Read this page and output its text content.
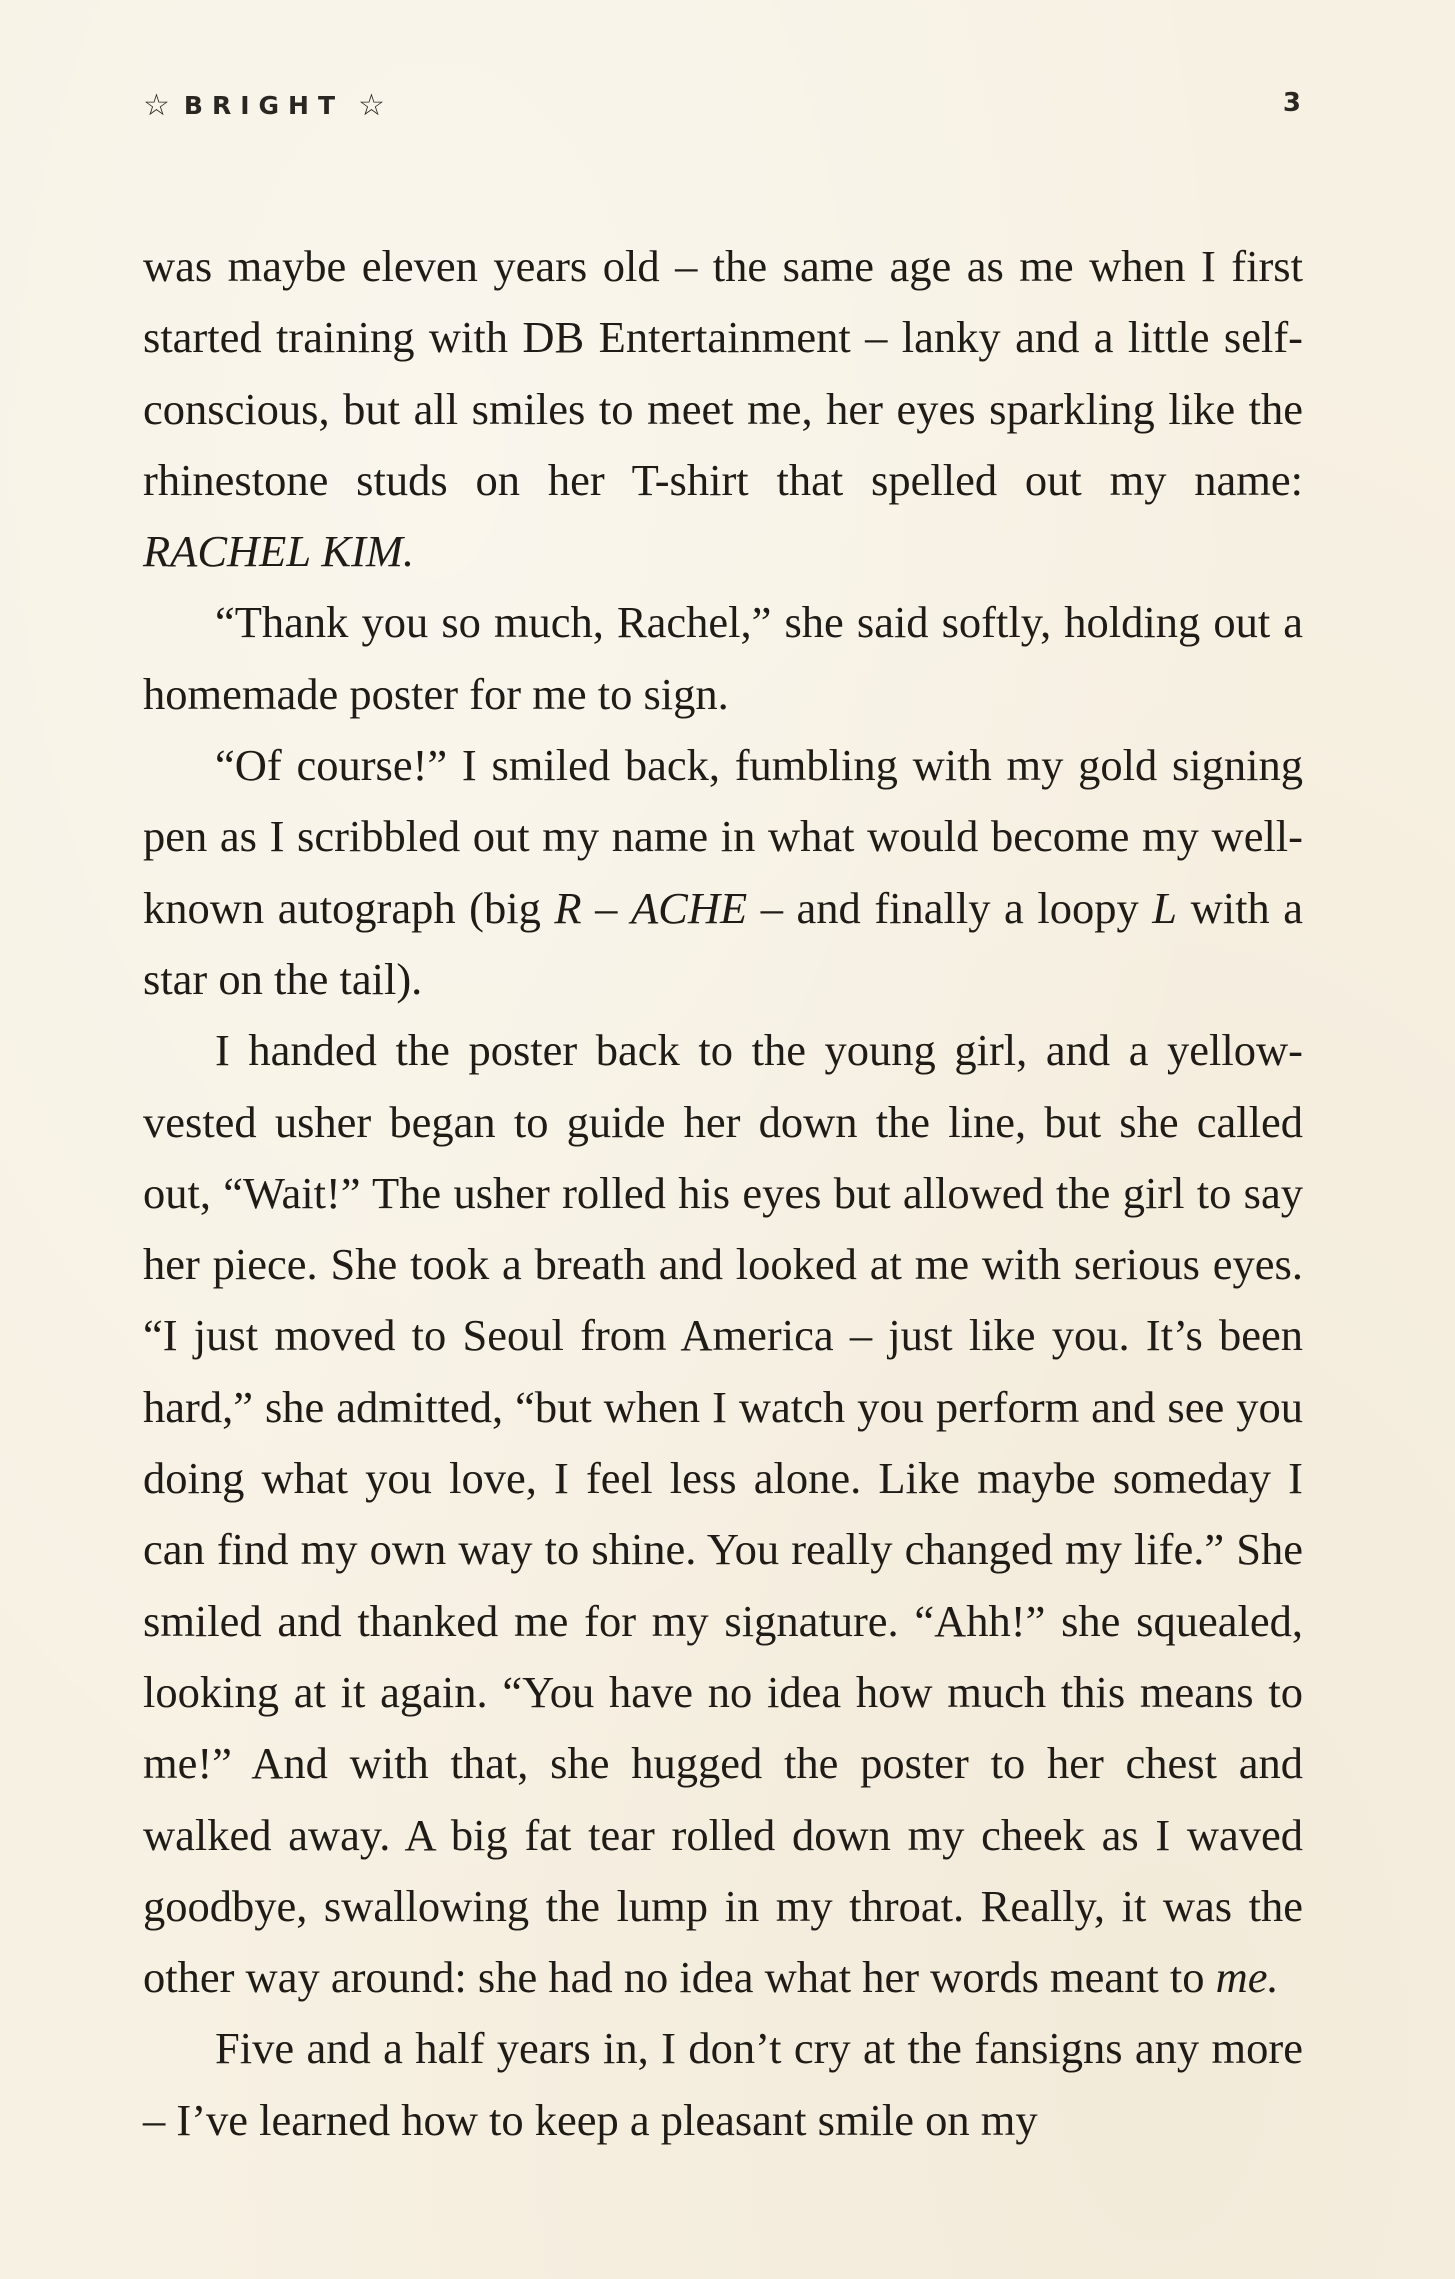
☆ BRIGHT ☆	3

was maybe eleven years old – the same age as me when I first started training with DB Entertainment – lanky and a little self-conscious, but all smiles to meet me, her eyes sparkling like the rhinestone studs on her T-shirt that spelled out my name: RACHEL KIM.

“Thank you so much, Rachel,” she said softly, holding out a homemade poster for me to sign.

“Of course!” I smiled back, fumbling with my gold signing pen as I scribbled out my name in what would become my well-known autograph (big R – ACHE – and finally a loopy L with a star on the tail).

I handed the poster back to the young girl, and a yellow-vested usher began to guide her down the line, but she called out, “Wait!” The usher rolled his eyes but allowed the girl to say her piece. She took a breath and looked at me with serious eyes. “I just moved to Seoul from America – just like you. It’s been hard,” she admitted, “but when I watch you perform and see you doing what you love, I feel less alone. Like maybe someday I can find my own way to shine. You really changed my life.” She smiled and thanked me for my signature. “Ahh!” she squealed, looking at it again. “You have no idea how much this means to me!” And with that, she hugged the poster to her chest and walked away. A big fat tear rolled down my cheek as I waved goodbye, swallowing the lump in my throat. Really, it was the other way around: she had no idea what her words meant to me.

Five and a half years in, I don’t cry at the fansigns any more – I’ve learned how to keep a pleasant smile on my
